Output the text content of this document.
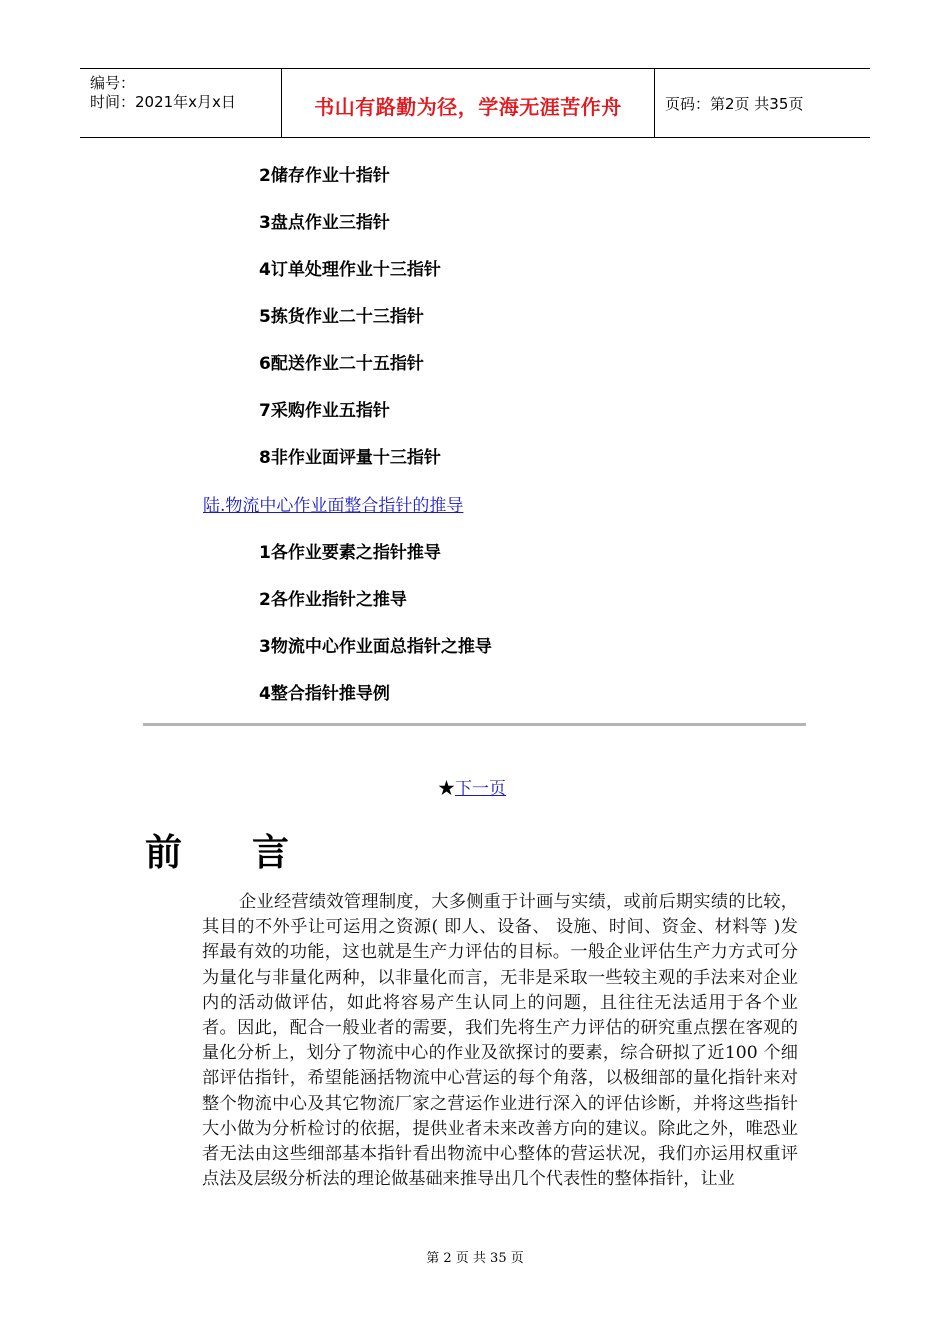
编号：
时间：2021年x月x日	书山有路勤为径，学海无涯苦作舟	页码：第2页 共35页
2储存作业十指针
3盘点作业三指针
4订单处理作业十三指针
5拣货作业二十三指针
6配送作业二十五指针
7采购作业五指针
8非作业面评量十三指针
陆.物流中心作业面整合指针的推导
1各作业要素之指针推导
2各作业指针之推导
3物流中心作业面总指针之推导
4整合指针推导例
★下一页
前 言
企业经营绩效管理制度，大多侧重于计画与实绩，或前后期实绩的比较，其目的不外乎让可运用之资源( 即人、设备、 设施、时间、资金、材料等 )发挥最有效的功能，这也就是生产力评估的目标。一般企业评估生产力方式可分为量化与非量化两种，以非量化而言，无非是采取一些较主观的手法来对企业内的活动做评估，如此将容易产生认同上的问题，且往往无法适用于各个业者。因此，配合一般业者的需要，我们先将生产力评估的研究重点摆在客观的量化分析上，划分了物流中心的作业及欲探讨的要素，综合研拟了近100 个细部评估指针，希望能涵括物流中心营运的每个角落，以极细部的量化指针来对整个物流中心及其它物流厂家之营运作业进行深入的评估诊断，并将这些指针大小做为分析检讨的依据，提供业者未来改善方向的建议。除此之外，唯恐业者无法由这些细部基本指针看出物流中心整体的营运状况，我们亦运用权重评点法及层级分析法的理论做基础来推导出几个代表性的整体指针，让业
第 2 页 共 35 页
